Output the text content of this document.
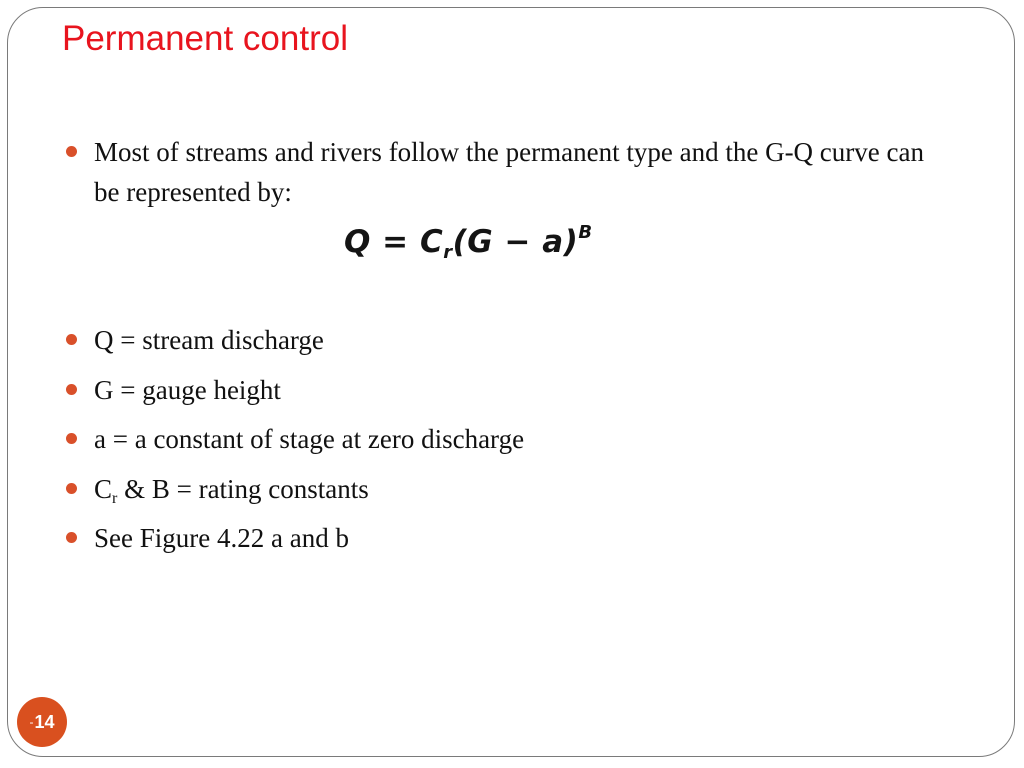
Permanent control
Most of streams and rivers follow the permanent type and the G-Q curve can be represented by:
$Q = C_r(G - a)^B$
Q = stream discharge
G = gauge height
a = a constant of stage at zero discharge
$C_r$ & B = rating constants
See Figure 4.22 a and b
- 14
